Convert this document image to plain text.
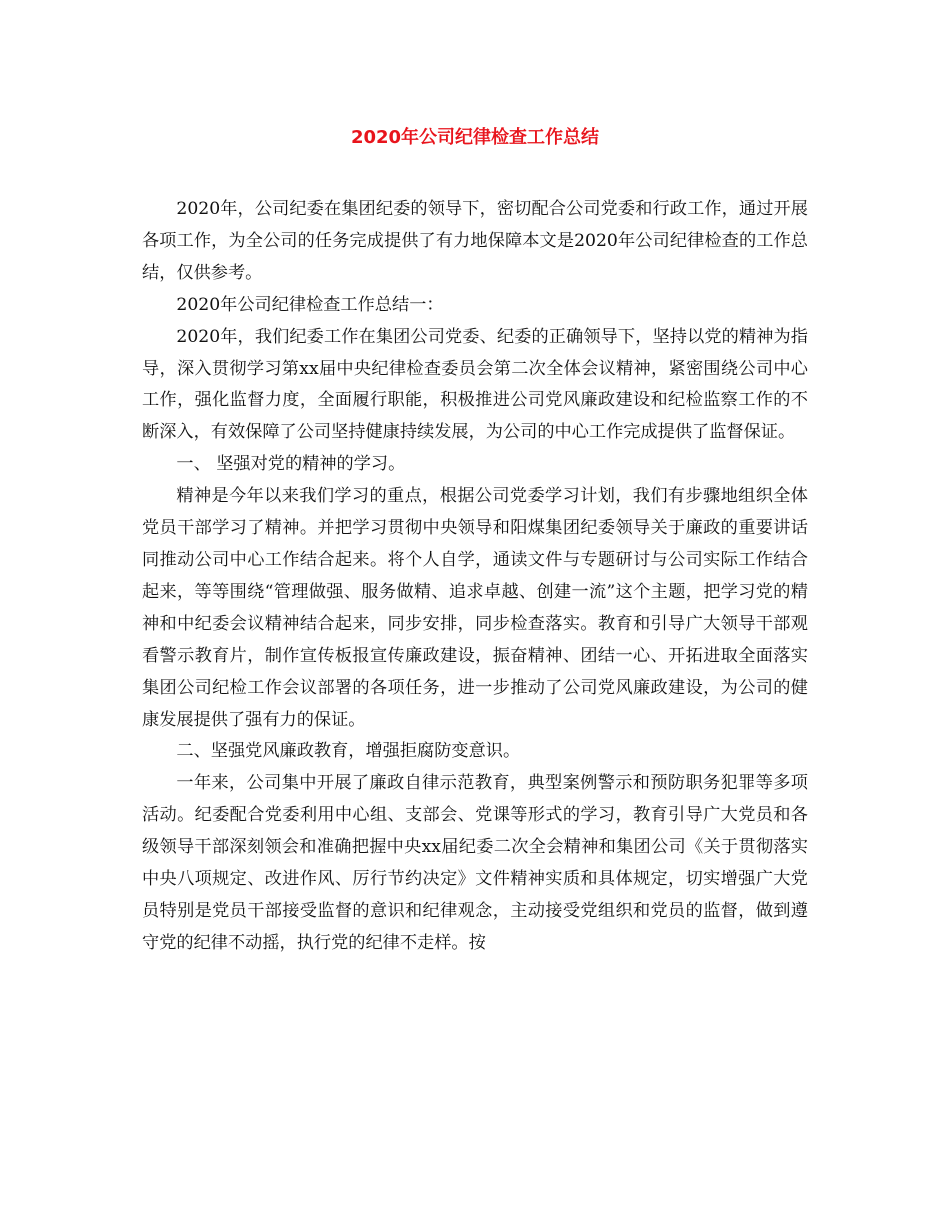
2020年公司纪律检查工作总结

2020年，公司纪委在集团纪委的领导下，密切配合公司党委和行政工作，通过开展各项工作，为全公司的任务完成提供了有力地保障本文是2020年公司纪律检查的工作总结，仅供参考。

2020年公司纪律检查工作总结一：

2020年，我们纪委工作在集团公司党委、纪委的正确领导下，坚持以党的精神为指导，深入贯彻学习第xx届中央纪律检查委员会第二次全体会议精神，紧密围绕公司中心工作，强化监督力度，全面履行职能，积极推进公司党风廉政建设和纪检监察工作的不断深入，有效保障了公司坚持健康持续发展，为公司的中心工作完成提供了监督保证。

一、 坚强对党的精神的学习。

精神是今年以来我们学习的重点，根据公司党委学习计划，我们有步骤地组织全体党员干部学习了精神。并把学习贯彻中央领导和阳煤集团纪委领导关于廉政的重要讲话同推动公司中心工作结合起来。将个人自学，通读文件与专题研讨与公司实际工作结合起来，等等围绕“管理做强、服务做精、追求卓越、创建一流”这个主题，把学习党的精神和中纪委会议精神结合起来，同步安排，同步检查落实。教育和引导广大领导干部观看警示教育片，制作宣传板报宣传廉政建设，振奋精神、团结一心、开拓进取全面落实集团公司纪检工作会议部署的各项任务，进一步推动了公司党风廉政建设，为公司的健康发展提供了强有力的保证。

二、坚强党风廉政教育，增强拒腐防变意识。

一年来，公司集中开展了廉政自律示范教育，典型案例警示和预防职务犯罪等多项活动。纪委配合党委利用中心组、支部会、党课等形式的学习，教育引导广大党员和各级领导干部深刻领会和准确把握中央xx届纪委二次全会精神和集团公司《关于贯彻落实中央八项规定、改进作风、厉行节约决定》文件精神实质和具体规定，切实增强广大党员特别是党员干部接受监督的意识和纪律观念，主动接受党组织和党员的监督，做到遵守党的纪律不动摇，执行党的纪律不走样。按
